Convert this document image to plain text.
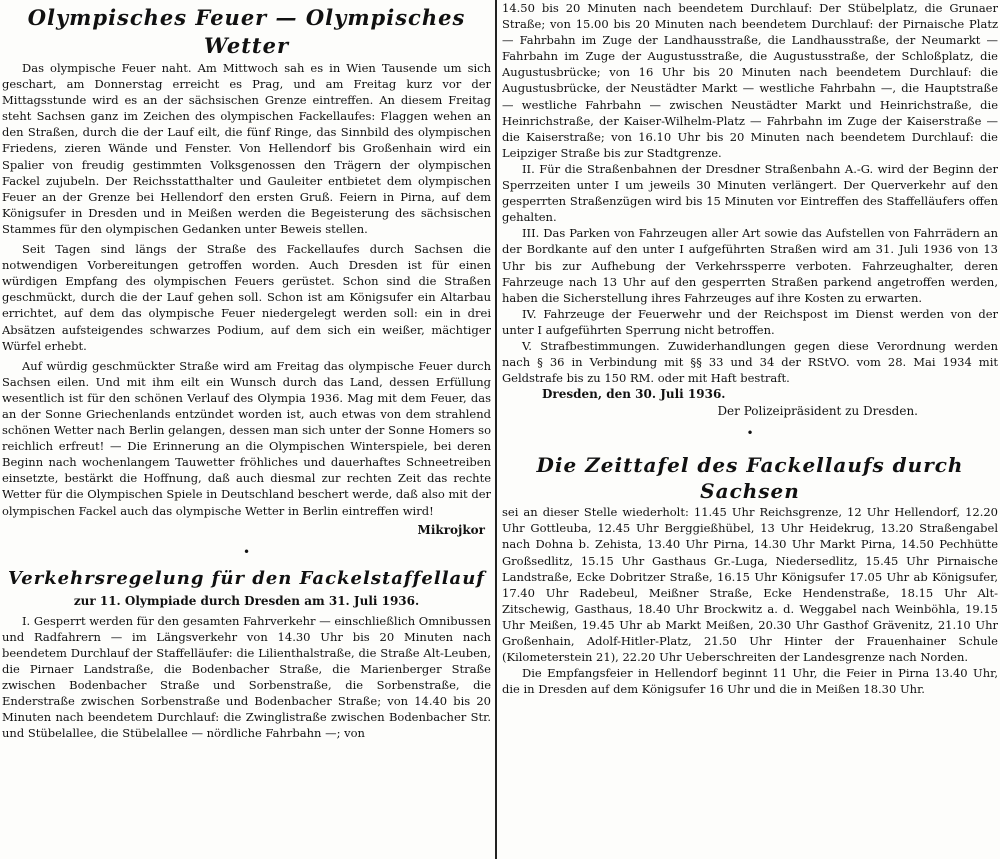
Olympisches Feuer — Olympisches Wetter

Das olympische Feuer naht. Am Mittwoch sah es in Wien Tausende um sich geschart, am Donnerstag erreicht es Prag, und am Freitag kurz vor der Mittagsstunde wird es an der sächsischen Grenze eintreffen. An diesem Freitag steht Sachsen ganz im Zeichen des olympischen Fackellaufes: Flaggen wehen an den Straßen, durch die der Lauf eilt, die fünf Ringe, das Sinnbild des olympischen Friedens, zieren Wände und Fenster. Von Hellendorf bis Großenhain wird ein Spalier von freudig gestimmten Volksgenossen den Trägern der olympischen Fackel zujubeln. Der Reichsstatthalter und Gauleiter entbietet dem olympischen Feuer an der Grenze bei Hellendorf den ersten Gruß. Feiern in Pirna, auf dem Königsufer in Dresden und in Meißen werden die Begeisterung des sächsischen Stammes für den olympischen Gedanken unter Beweis stellen.

Seit Tagen sind längs der Straße des Fackellaufes durch Sachsen die notwendigen Vorbereitungen getroffen worden. Auch Dresden ist für einen würdigen Empfang des olympischen Feuers gerüstet. Schon sind die Straßen geschmückt, durch die der Lauf gehen soll. Schon ist am Königsufer ein Altarbau errichtet, auf dem das olympische Feuer niedergelegt werden soll: ein in drei Absätzen aufsteigendes schwarzes Podium, auf dem sich ein weißer, mächtiger Würfel erhebt.

Auf würdig geschmückter Straße wird am Freitag das olympische Feuer durch Sachsen eilen. Und mit ihm eilt ein Wunsch durch das Land, dessen Erfüllung wesentlich ist für den schönen Verlauf des Olympia 1936. Mag mit dem Feuer, das an der Sonne Griechenlands entzündet worden ist, auch etwas von dem strahlend schönen Wetter nach Berlin gelangen, dessen man sich unter der Sonne Homers so reichlich erfreut! — Die Erinnerung an die Olympischen Winterspiele, bei deren Beginn nach wochenlangem Tauwetter fröhliches und dauerhaftes Schneetreiben einsetzte, bestärkt die Hoffnung, daß auch diesmal zur rechten Zeit das rechte Wetter für die Olympischen Spiele in Deutschland beschert werde, daß also mit der olympischen Fackel auch das olympische Wetter in Berlin eintreffen wird!

Mikrojkor
•
Verkehrsregelung für den Fackelstaffellauf
zur 11. Olympiade durch Dresden am 31. Juli 1936.

I. Gesperrt werden für den gesamten Fahrverkehr — einschließlich Omnibussen und Radfahrern — im Längsverkehr von 14.30 Uhr bis 20 Minuten nach beendetem Durchlauf der Staffelläufer: die Lilienthalstraße, die Straße Alt-Leuben, die Pirnaer Landstraße, die Bodenbacher Straße, die Marienberger Straße zwischen Bodenbacher Straße und Sorbenstraße, die Sorbenstraße, die Enderstraße zwischen Sorbenstraße und Bodenbacher Straße; von 14.40 bis 20 Minuten nach beendetem Durchlauf: die Zwinglistraße zwischen Bodenbacher Str. und Stübelallee, die Stübelallee — nördliche Fahrbahn —; von

14.50 bis 20 Minuten nach beendetem Durchlauf: Der Stübelplatz, die Grunaer Straße; von 15.00 bis 20 Minuten nach beendetem Durchlauf: der Pirnaische Platz — Fahrbahn im Zuge der Landhausstraße, die Landhausstraße, der Neumarkt — Fahrbahn im Zuge der Augustusstraße, die Augustusstraße, der Schloßplatz, die Augustusbrücke; von 16 Uhr bis 20 Minuten nach beendetem Durchlauf: die Augustusbrücke, der Neustädter Markt — westliche Fahrbahn —, die Hauptstraße — westliche Fahrbahn — zwischen Neustädter Markt und Heinrichstraße, die Heinrichstraße, der Kaiser-Wilhelm-Platz — Fahrbahn im Zuge der Kaiserstraße — die Kaiserstraße; von 16.10 Uhr bis 20 Minuten nach beendetem Durchlauf: die Leipziger Straße bis zur Stadtgrenze.

II. Für die Straßenbahnen der Dresdner Straßenbahn A.-G. wird der Beginn der Sperrzeiten unter I um jeweils 30 Minuten verlängert. Der Querverkehr auf den gesperrten Straßenzügen wird bis 15 Minuten vor Eintreffen des Staffelläufers offen gehalten.

III. Das Parken von Fahrzeugen aller Art sowie das Aufstellen von Fahrrädern an der Bordkante auf den unter I aufgeführten Straßen wird am 31. Juli 1936 von 13 Uhr bis zur Aufhebung der Verkehrssperre verboten. Fahrzeughalter, deren Fahrzeuge nach 13 Uhr auf den gesperrten Straßen parkend angetroffen werden, haben die Sicherstellung ihres Fahrzeuges auf ihre Kosten zu erwarten.

IV. Fahrzeuge der Feuerwehr und der Reichspost im Dienst werden von der unter I aufgeführten Sperrung nicht betroffen.

V. Strafbestimmungen. Zuwiderhandlungen gegen diese Verordnung werden nach § 36 in Verbindung mit §§ 33 und 34 der RStVO. vom 28. Mai 1934 mit Geldstrafe bis zu 150 RM. oder mit Haft bestraft.

Dresden, den 30. Juli 1936.
Der Polizeipräsident zu Dresden.
•
Die Zeittafel des Fackellaufs durch Sachsen

sei an dieser Stelle wiederholt: 11.45 Uhr Reichsgrenze, 12 Uhr Hellendorf, 12.20 Uhr Gottleuba, 12.45 Uhr Berggießhübel, 13 Uhr Heidekrug, 13.20 Straßengabel nach Dohna b. Zehista, 13.40 Uhr Pirna, 14.30 Uhr Markt Pirna, 14.50 Pechhütte Großsedlitz, 15.15 Uhr Gasthaus Gr.-Luga, Niedersedlitz, 15.45 Uhr Pirnaische Landstraße, Ecke Dobritzer Straße, 16.15 Uhr Königsufer 17.05 Uhr ab Königsufer, 17.40 Uhr Radebeul, Meißner Straße, Ecke Hendenstraße, 18.15 Uhr Alt-Zitschewig, Gasthaus, 18.40 Uhr Brockwitz a. d. Weggabel nach Weinböhla, 19.15 Uhr Meißen, 19.45 Uhr ab Markt Meißen, 20.30 Uhr Gasthof Grävenitz, 21.10 Uhr Großenhain, Adolf-Hitler-Platz, 21.50 Uhr Hinter der Frauenhainer Schule (Kilometerstein 21), 22.20 Uhr Ueberschreiten der Landesgrenze nach Norden.

Die Empfangsfeier in Hellendorf beginnt 11 Uhr, die Feier in Pirna 13.40 Uhr, die in Dresden auf dem Königsufer 16 Uhr und die in Meißen 18.30 Uhr.
